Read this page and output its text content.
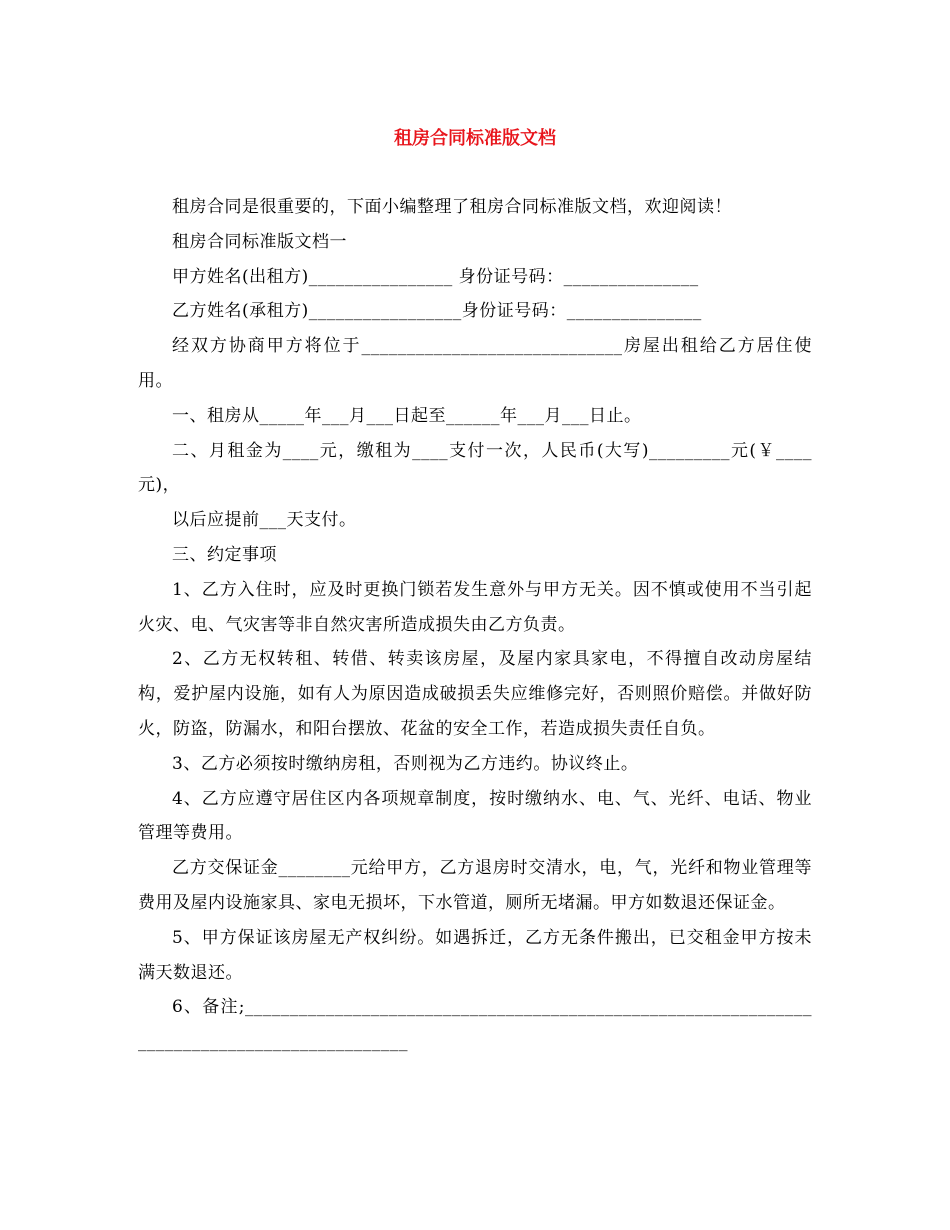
租房合同标准版文档

租房合同是很重要的，下面小编整理了租房合同标准版文档，欢迎阅读！

租房合同标准版文档一

甲方姓名(出租方)________________ 身份证号码：_______________

乙方姓名(承租方)_________________身份证号码：_______________

经双方协商甲方将位于_____________________________房屋出租给乙方居住使用。

一、租房从_____年___月___日起至______年___月___日止。

二、月租金为____元，缴租为____支付一次，人民币(大写)_________元(￥____元)，

以后应提前___天支付。

三、约定事项

1、乙方入住时，应及时更换门锁若发生意外与甲方无关。因不慎或使用不当引起火灾、电、气灾害等非自然灾害所造成损失由乙方负责。

2、乙方无权转租、转借、转卖该房屋，及屋内家具家电，不得擅自改动房屋结构，爱护屋内设施，如有人为原因造成破损丢失应维修完好，否则照价赔偿。并做好防火，防盗，防漏水，和阳台摆放、花盆的安全工作，若造成损失责任自负。

3、乙方必须按时缴纳房租，否则视为乙方违约。协议终止。

4、乙方应遵守居住区内各项规章制度，按时缴纳水、电、气、光纤、电话、物业管理等费用。

乙方交保证金________元给甲方，乙方退房时交清水，电，气，光纤和物业管理等费用及屋内设施家具、家电无损坏，下水管道，厕所无堵漏。甲方如数退还保证金。

5、甲方保证该房屋无产权纠纷。如遇拆迁，乙方无条件搬出，已交租金甲方按未满天数退还。

6、备注;_____________________________________________________________________________________________
